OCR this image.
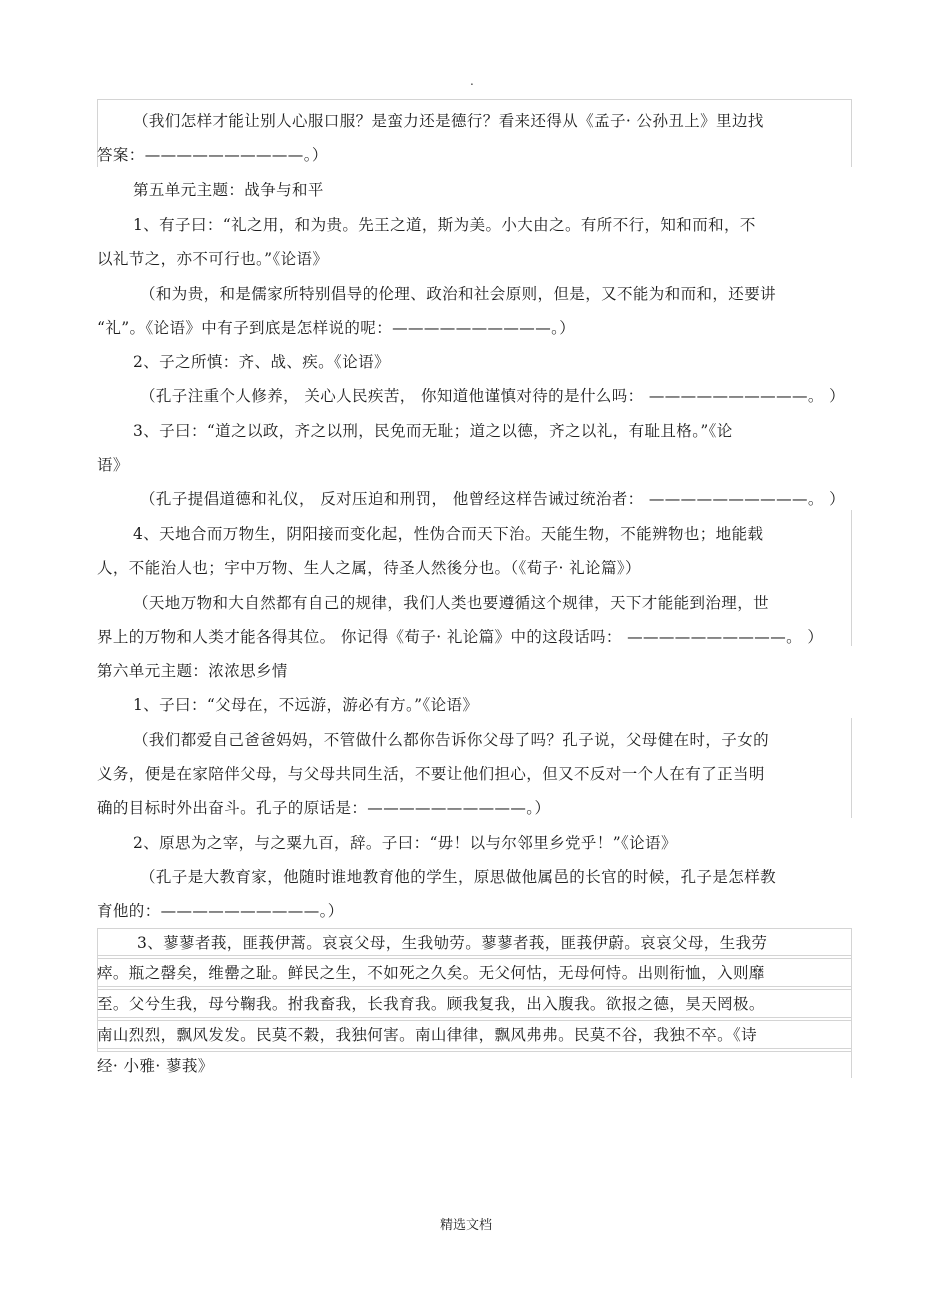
.
（我们怎样才能让别人心服口服？是蛮力还是德行？看来还得从《孟子· 公孙丑上》里边找
答案：——————————。）
第五单元主题：战争与和平
1、有子曰：“礼之用，和为贵。先王之道，斯为美。小大由之。有所不行，知和而和，不
以礼节之，亦不可行也。”《论语》
（和为贵，和是儒家所特别倡导的伦理、政治和社会原则，但是，又不能为和而和，还要讲
“礼”。《论语》中有子到底是怎样说的呢：——————————。）
2、子之所慎：齐、战、疾。《论语》
（孔子注重个人修养， 关心人民疾苦， 你知道他谨慎对待的是什么吗： ——————————。 ）
3、子曰：“道之以政，齐之以刑，民免而无耻；道之以德，齐之以礼，有耻且格。”《论
语》
（孔子提倡道德和礼仪， 反对压迫和刑罚， 他曾经这样告诫过统治者： ——————————。 ）
4、天地合而万物生，阴阳接而变化起，性伪合而天下治。天能生物，不能辨物也；地能载
人，不能治人也；宇中万物、生人之属，待圣人然後分也。（《荀子· 礼论篇》）
（天地万物和大自然都有自己的规律，我们人类也要遵循这个规律，天下才能能到治理，世
界上的万物和人类才能各得其位。 你记得《荀子· 礼论篇》中的这段话吗： ——————————。 ）
第六单元主题：浓浓思乡情
1、子曰：“父母在，不远游，游必有方。”《论语》
（我们都爱自己爸爸妈妈，不管做什么都你告诉你父母了吗？孔子说，父母健在时，子女的
义务，便是在家陪伴父母，与父母共同生活，不要让他们担心，但又不反对一个人在有了正当明
确的目标时外出奋斗。孔子的原话是：——————————。）
2、原思为之宰，与之粟九百，辞。子曰：“毋！以与尔邻里乡党乎！”《论语》
（孔子是大教育家，他随时谁地教育他的学生，原思做他属邑的长官的时候，孔子是怎样教
育他的：——————————。）
3、蓼蓼者莪，匪莪伊蒿。哀哀父母，生我劬劳。蓼蓼者莪，匪莪伊蔚。哀哀父母，生我劳
瘁。瓶之罄矣，维罍之耻。鲜民之生，不如死之久矣。无父何怙，无母何恃。出则衔恤，入则靡
至。父兮生我，母兮鞠我。拊我畜我，长我育我。顾我复我，出入腹我。欲报之德，昊天罔极。
南山烈烈，飘风发发。民莫不穀，我独何害。南山律律，飘风弗弗。民莫不谷，我独不卒。《诗
经· 小雅· 蓼莪》
精选文档
